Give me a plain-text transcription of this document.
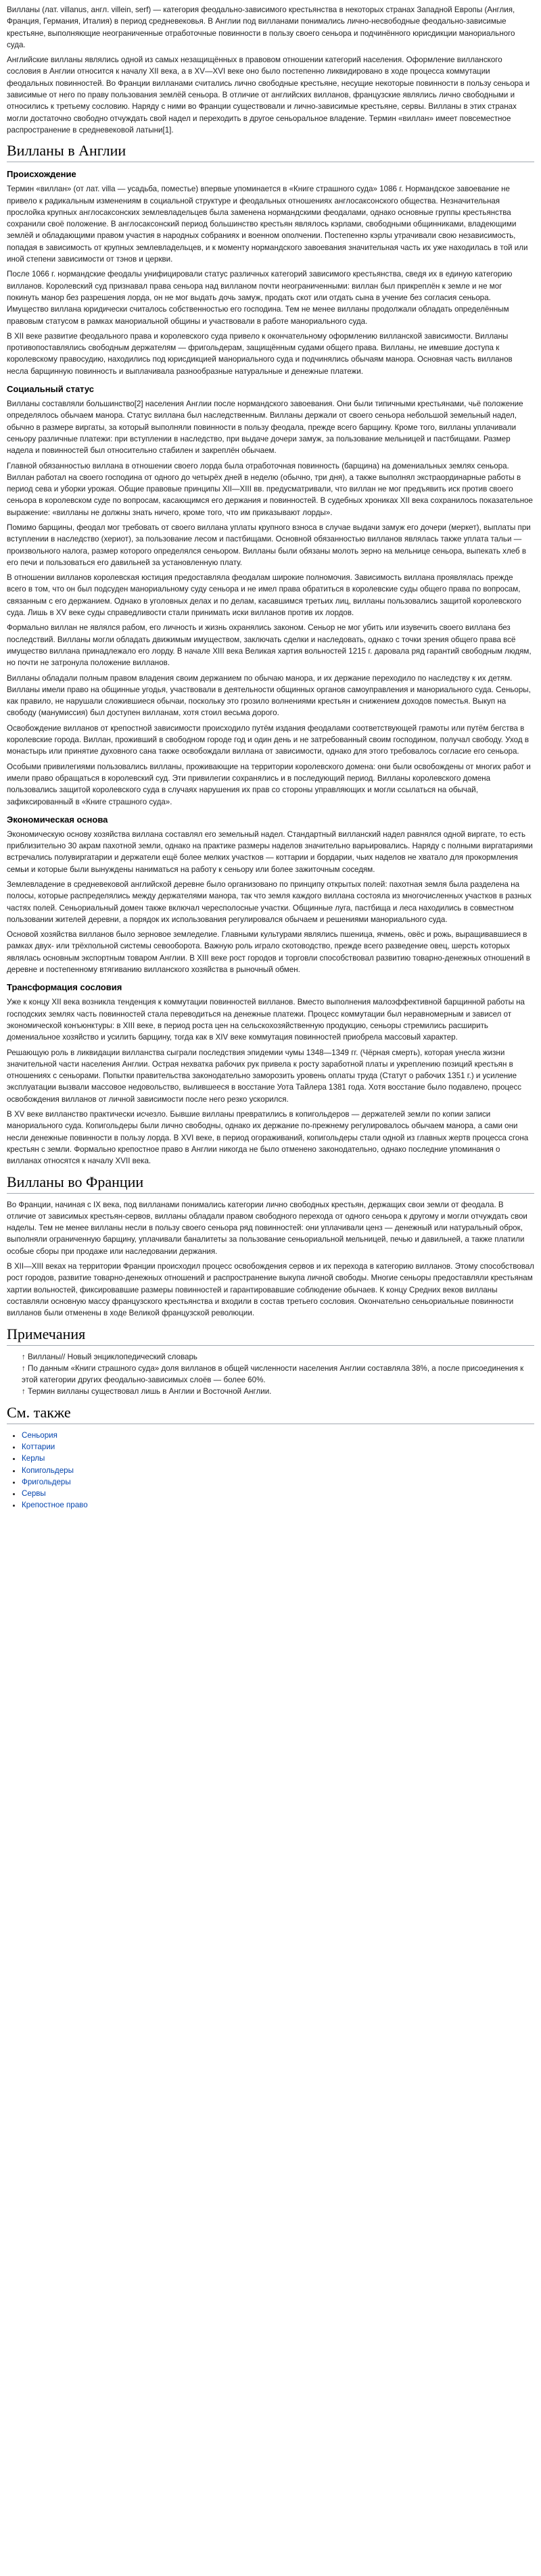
Вилланы (лат. villanus, англ. villein, serf) — категория феодально-зависимого крестьянства в некоторых странах Западной Европы (Англия, Франция, Германия, Италия) в период средневековья. В Англии под вилланами понимались лично-несвободные феодально-зависимые крестьяне, выполняющие неограниченные отработочные повинности в пользу своего сеньора и подчинённого юрисдикции манориального суда.

Английские вилланы являлись одной из самых незащищённых в правовом отношении категорий населения. Оформление вилланского сословия в Англии относится к началу XII века, а в XV—XVI веке оно было постепенно ликвидировано в ходе процесса коммутации феодальных повинностей. Во Франции вилланами считались лично свободные крестьяне, несущие некоторые повинности в пользу сеньора и зависимые от него по праву пользования землёй сеньора. В отличие от английских вилланов, французские являлись лично свободными и относились к третьему сословию. Наряду с ними во Франции существовали и лично-зависимые крестьяне, сервы. Вилланы в этих странах могли достаточно свободно отчуждать свой надел и переходить в другое сеньоральное владение. Термин «виллан» имеет повсеместное распространение в средневековой латыни[1].

Вилланы в Англии
Происхождение

Термин «виллан» (от лат. villa — усадьба, поместье) впервые упоминается в «Книге страшного суда» 1086 г. Нормандское завоевание не привело к радикальным изменениям в социальной структуре и феодальных отношениях англосаксонского общества. Незначительная прослойка крупных англосаксонских землевладельцев была заменена нормандскими феодалами, однако основные группы крестьянства сохранили своё положение. В англосаксонский период большинство крестьян являлось кэрлами, свободными общинниками, владеющими землёй и обладающими правом участия в народных собраниях и военном ополчении. Постепенно кэрлы утрачивали свою независимость, попадая в зависимость от крупных землевладельцев, и к моменту нормандского завоевания значительная часть их уже находилась в той или иной степени зависимости от тэнов и церкви.

После 1066 г. нормандские феодалы унифицировали статус различных категорий зависимого крестьянства, сведя их в единую категорию вилланов. Королевский суд признавал права сеньора над вилланом почти неограниченными: виллан был прикреплён к земле и не мог покинуть манор без разрешения лорда, он не мог выдать дочь замуж, продать скот или отдать сына в учение без согласия сеньора. Имущество виллана юридически считалось собственностью его господина. Тем не менее вилланы продолжали обладать определённым правовым статусом в рамках манориальной общины и участвовали в работе манориального суда.

В XII веке развитие феодального права и королевского суда привело к окончательному оформлению вилланской зависимости. Вилланы противопоставлялись свободным держателям — фригольдерам, защищённым судами общего права. Вилланы, не имевшие доступа к королевскому правосудию, находились под юрисдикцией манориального суда и подчинялись обычаям манора. Основная часть вилланов несла барщинную повинность и выплачивала разнообразные натуральные и денежные платежи.

Социальный статус

Вилланы составляли большинство[2] населения Англии после нормандского завоевания. Они были типичными крестьянами, чьё положение определялось обычаем манора. Статус виллана был наследственным. Вилланы держали от своего сеньора небольшой земельный надел, обычно в размере виргаты, за который выполняли повинности в пользу феодала, прежде всего барщину. Кроме того, вилланы уплачивали сеньору различные платежи: при вступлении в наследство, при выдаче дочери замуж, за пользование мельницей и пастбищами. Размер надела и повинностей был относительно стабилен и закреплён обычаем.

Главной обязанностью виллана в отношении своего лорда была отработочная повинность (барщина) на домениальных землях сеньора. Виллан работал на своего господина от одного до четырёх дней в неделю (обычно, три дня), а также выполнял экстраординарные работы в период сева и уборки урожая. Общие правовые принципы XII—XIII вв. предусматривали, что виллан не мог предъявить иск против своего сеньора в королевском суде по вопросам, касающимся его держания и повинностей. В судебных хрониках XII века сохранилось показательное выражение: «вилланы не должны знать ничего, кроме того, что им приказывают лорды».

Помимо барщины, феодал мог требовать от своего виллана уплаты крупного взноса в случае выдачи замуж его дочери (меркет), выплаты при вступлении в наследство (хериот), за пользование лесом и пастбищами. Основной обязанностью вилланов являлась также уплата тальи — произвольного налога, размер которого определялся сеньором. Вилланы были обязаны молоть зерно на мельнице сеньора, выпекать хлеб в его печи и пользоваться его давильней за установленную плату.

В отношении вилланов королевская юстиция предоставляла феодалам широкие полномочия. Зависимость виллана проявлялась прежде всего в том, что он был подсуден манориальному суду сеньора и не имел права обратиться в королевские суды общего права по вопросам, связанным с его держанием. Однако в уголовных делах и по делам, касавшимся третьих лиц, вилланы пользовались защитой королевского суда. Лишь в XV веке суды справедливости стали принимать иски вилланов против их лордов.

Формально виллан не являлся рабом, его личность и жизнь охранялись законом. Сеньор не мог убить или изувечить своего виллана без последствий. Вилланы могли обладать движимым имуществом, заключать сделки и наследовать, однако с точки зрения общего права всё имущество виллана принадлежало его лорду. В начале XIII века Великая хартия вольностей 1215 г. даровала ряд гарантий свободным людям, но почти не затронула положение вилланов.

Вилланы обладали полным правом владения своим держанием по обычаю манора, и их держание переходило по наследству к их детям. Вилланы имели право на общинные угодья, участвовали в деятельности общинных органов самоуправления и манориального суда. Сеньоры, как правило, не нарушали сложившиеся обычаи, поскольку это грозило волнениями крестьян и снижением доходов поместья. Выкуп на свободу (манумиссия) был доступен вилланам, хотя стоил весьма дорого.

Освобождение вилланов от крепостной зависимости происходило путём издания феодалами соответствующей грамоты или путём бегства в королевские города. Виллан, проживший в свободном городе год и один день и не затребованный своим господином, получал свободу. Уход в монастырь или принятие духовного сана также освобождали виллана от зависимости, однако для этого требовалось согласие его сеньора.

Особыми привилегиями пользовались вилланы, проживающие на территории королевского домена: они были освобождены от многих работ и имели право обращаться в королевский суд. Эти привилегии сохранялись и в последующий период. Вилланы королевского домена пользовались защитой королевского суда в случаях нарушения их прав со стороны управляющих и могли ссылаться на обычай, зафиксированный в «Книге страшного суда».

Экономическая основа

Экономическую основу хозяйства виллана составлял его земельный надел. Стандартный вилланский надел равнялся одной виргате, то есть приблизительно 30 акрам пахотной земли, однако на практике размеры наделов значительно варьировались. Наряду с полными виргатариями встречались полувиргатарии и держатели ещё более мелких участков — коттарии и бордарии, чьих наделов не хватало для прокормления семьи и которые были вынуждены наниматься на работу к сеньору или более зажиточным соседям.

Землевладение в средневековой английской деревне было организовано по принципу открытых полей: пахотная земля была разделена на полосы, которые распределялись между держателями манора, так что земля каждого виллана состояла из многочисленных участков в разных частях полей. Сеньориальный домен также включал чересполосные участки. Общинные луга, пастбища и леса находились в совместном пользовании жителей деревни, а порядок их использования регулировался обычаем и решениями манориального суда.

Основой хозяйства вилланов было зерновое земледелие. Главными культурами являлись пшеница, ячмень, овёс и рожь, выращивавшиеся в рамках двух- или трёхпольной системы севооборота. Важную роль играло скотоводство, прежде всего разведение овец, шерсть которых являлась основным экспортным товаром Англии. В XIII веке рост городов и торговли способствовал развитию товарно-денежных отношений в деревне и постепенному втягиванию вилланского хозяйства в рыночный обмен.

Трансформация сословия

Уже к концу XII века возникла тенденция к коммутации повинностей вилланов. Вместо выполнения малоэффективной барщинной работы на господских землях часть повинностей стала переводиться на денежные платежи. Процесс коммутации был неравномерным и зависел от экономической конъюнктуры: в XIII веке, в период роста цен на сельскохозяйственную продукцию, сеньоры стремились расширить домениальное хозяйство и усилить барщину, тогда как в XIV веке коммутация повинностей приобрела массовый характер.

Решающую роль в ликвидации вилланства сыграли последствия эпидемии чумы 1348—1349 гг. (Чёрная смерть), которая унесла жизни значительной части населения Англии. Острая нехватка рабочих рук привела к росту заработной платы и укреплению позиций крестьян в отношениях с сеньорами. Попытки правительства законодательно заморозить уровень оплаты труда (Статут о рабочих 1351 г.) и усиление эксплуатации вызвали массовое недовольство, вылившееся в восстание Уота Тайлера 1381 года. Хотя восстание было подавлено, процесс освобождения вилланов от личной зависимости после него резко ускорился.

В XV веке вилланство практически исчезло. Бывшие вилланы превратились в копигольдеров — держателей земли по копии записи манориального суда. Копигольдеры были лично свободны, однако их держание по-прежнему регулировалось обычаем манора, а сами они несли денежные повинности в пользу лорда. В XVI веке, в период огораживаний, копигольдеры стали одной из главных жертв процесса сгона крестьян с земли. Формально крепостное право в Англии никогда не было отменено законодательно, однако последние упоминания о вилланах относятся к началу XVII века.

Вилланы во Франции

Во Франции, начиная с IX века, под вилланами понимались категории лично свободных крестьян, держащих свои земли от феодала. В отличие от зависимых крестьян-сервов, вилланы обладали правом свободного перехода от одного сеньора к другому и могли отчуждать свои наделы. Тем не менее вилланы несли в пользу своего сеньора ряд повинностей: они уплачивали ценз — денежный или натуральный оброк, выполняли ограниченную барщину, уплачивали баналитеты за пользование сеньориальной мельницей, печью и давильней, а также платили особые сборы при продаже или наследовании держания.

В XII—XIII веках на территории Франции происходил процесс освобождения сервов и их перехода в категорию вилланов. Этому способствовал рост городов, развитие товарно-денежных отношений и распространение выкупа личной свободы. Многие сеньоры предоставляли крестьянам хартии вольностей, фиксировавшие размеры повинностей и гарантировавшие соблюдение обычаев. К концу Средних веков вилланы составляли основную массу французского крестьянства и входили в состав третьего сословия. Окончательно сеньориальные повинности вилланов были отменены в ходе Великой французской революции.

Примечания
↑ Вилланы// Новый энциклопедический словарь
↑ По данным «Книги страшного суда» доля вилланов в общей численности населения Англии составляла 38%, а после присоединения к этой категории других феодально-зависимых слоёв — более 60%.
↑ Термин вилланы существовал лишь в Англии и Восточной Англии.
См. также
• Сеньория
• Коттарии
• Керлы
• Копигольдеры
• Фригольдеры
• Сервы
• Крепостное право
